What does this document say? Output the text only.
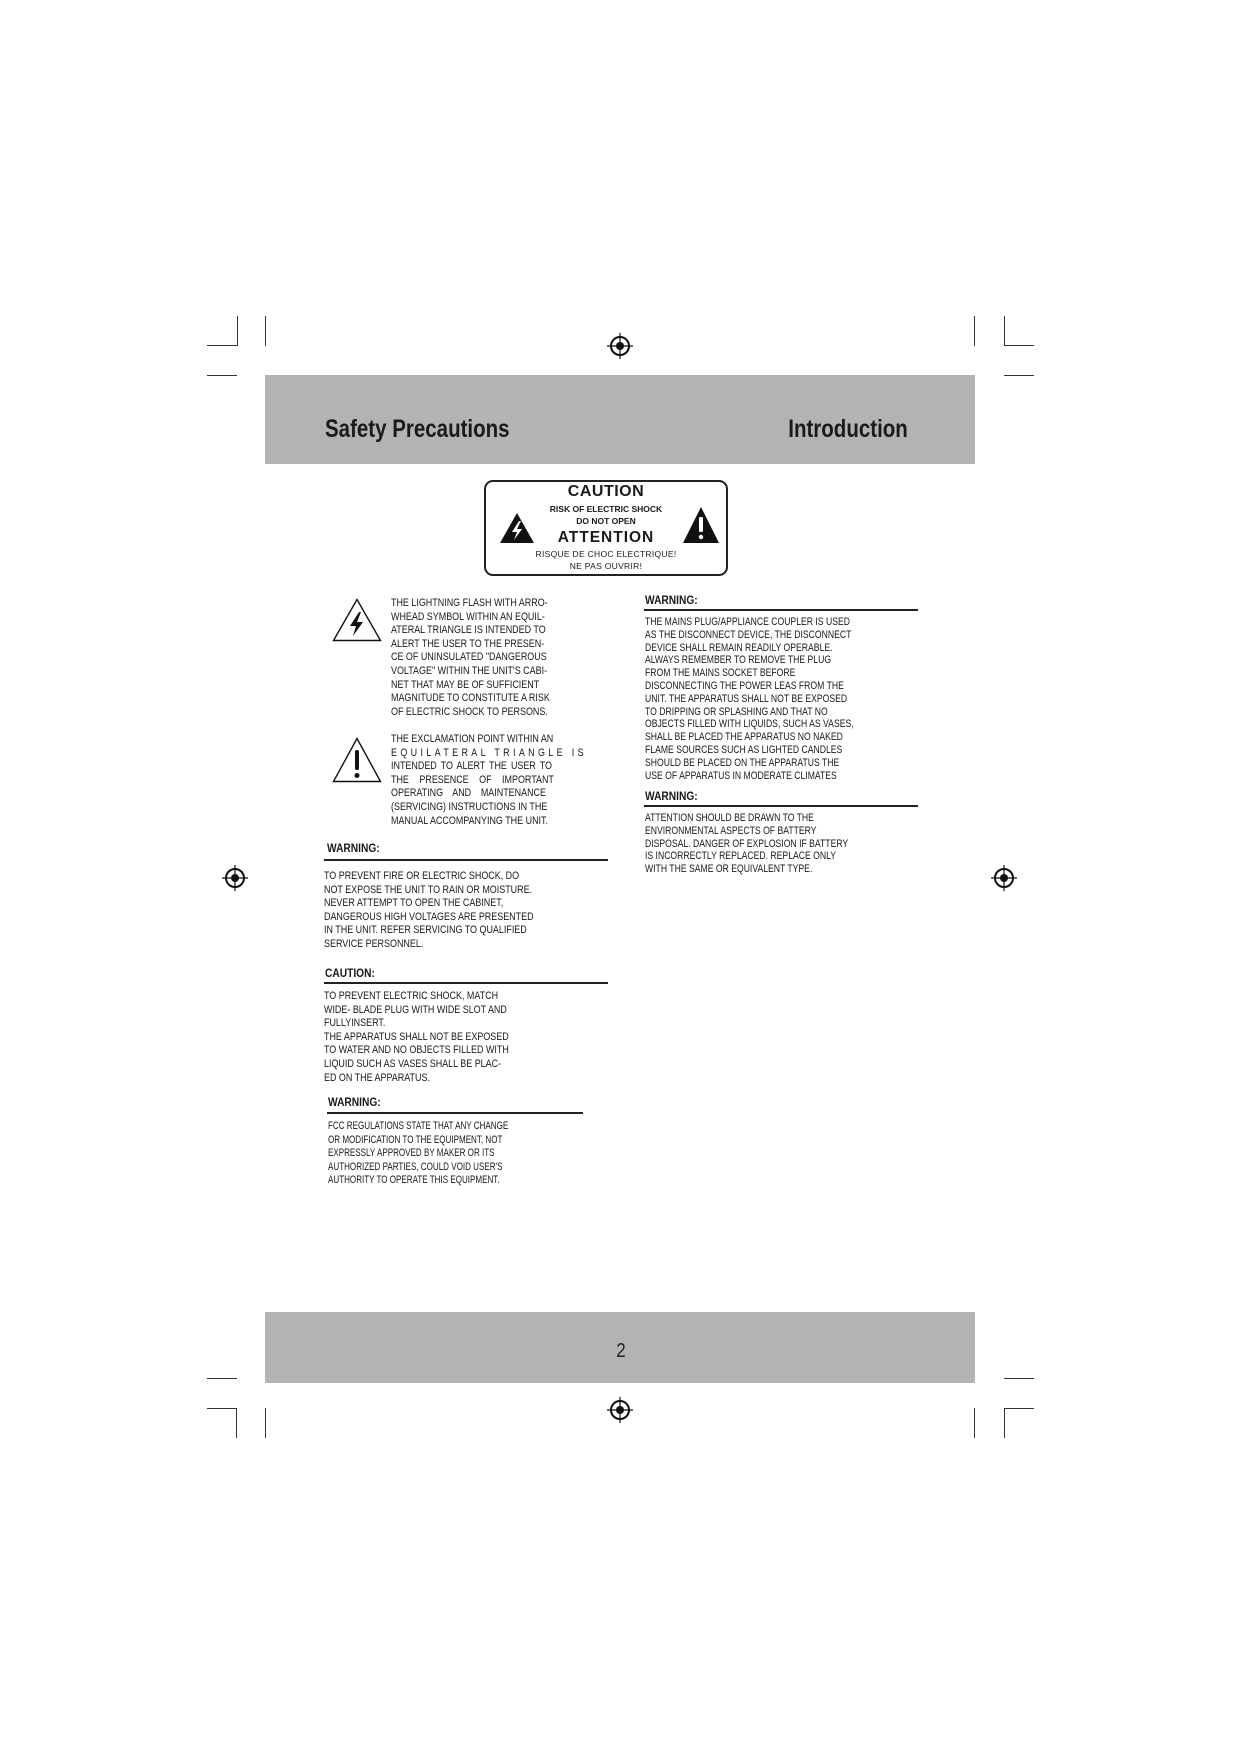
Safety Precautions	Introduction
CAUTION
RISK OF ELECTRIC SHOCK
DO NOT OPEN
ATTENTION
RISQUE DE CHOC ELECTRIQUE!
NE PAS OUVRIR!
THE LIGHTNING FLASH WITH ARRO-
WHEAD SYMBOL WITHIN AN EQUIL-
ATERAL TRIANGLE IS INTENDED TO
ALERT THE USER TO THE PRESEN-
CE OF UNINSULATED "DANGEROUS
VOLTAGE" WITHIN THE UNIT'S CABI-
NET THAT MAY BE OF SUFFICIENT
MAGNITUDE TO CONSTITUTE A RISK
OF ELECTRIC SHOCK TO PERSONS.
THE EXCLAMATION POINT WITHIN AN
EQUILATERAL TRIANGLE IS
INTENDED TO ALERT THE USER TO
THE PRESENCE OF IMPORTANT
OPERATING AND MAINTENANCE
(SERVICING) INSTRUCTIONS IN THE
MANUAL ACCOMPANYING THE UNIT.
WARNING:
TO PREVENT FIRE OR ELECTRIC SHOCK, DO
NOT EXPOSE THE UNIT TO RAIN OR MOISTURE.
NEVER ATTEMPT TO OPEN THE CABINET,
DANGEROUS HIGH VOLTAGES ARE PRESENTED
IN THE UNIT. REFER SERVICING TO QUALIFIED
SERVICE PERSONNEL.
CAUTION:
TO PREVENT ELECTRIC SHOCK, MATCH
WIDE- BLADE PLUG WITH WIDE SLOT AND
FULLYINSERT.
THE APPARATUS SHALL NOT BE EXPOSED
TO WATER AND NO OBJECTS FILLED WITH
LIQUID SUCH AS VASES SHALL BE PLAC-
ED ON THE APPARATUS.
WARNING:
FCC REGULATIONS STATE THAT ANY CHANGE
OR MODIFICATION TO THE EQUIPMENT, NOT
EXPRESSLY APPROVED BY MAKER OR ITS
AUTHORIZED PARTIES, COULD VOID USER'S
AUTHORITY TO OPERATE THIS EQUIPMENT.
WARNING:
THE MAINS PLUG/APPLIANCE COUPLER IS USED
AS THE DISCONNECT DEVICE, THE DISCONNECT
DEVICE SHALL REMAIN READILY OPERABLE.
ALWAYS REMEMBER TO REMOVE THE PLUG
FROM THE MAINS SOCKET BEFORE
DISCONNECTING THE POWER LEAS FROM THE
UNIT. THE APPARATUS SHALL NOT BE EXPOSED
TO DRIPPING OR SPLASHING AND THAT NO
OBJECTS FILLED WITH LIQUIDS, SUCH AS VASES,
SHALL BE PLACED THE APPARATUS NO NAKED
FLAME SOURCES SUCH AS LIGHTED CANDLES
SHOULD BE PLACED ON THE APPARATUS THE
USE OF APPARATUS IN MODERATE CLIMATES
WARNING:
ATTENTION SHOULD BE DRAWN TO THE
ENVIRONMENTAL ASPECTS OF BATTERY
DISPOSAL. DANGER OF EXPLOSION IF BATTERY
IS INCORRECTLY REPLACED. REPLACE ONLY
WITH THE SAME OR EQUIVALENT TYPE.
2
